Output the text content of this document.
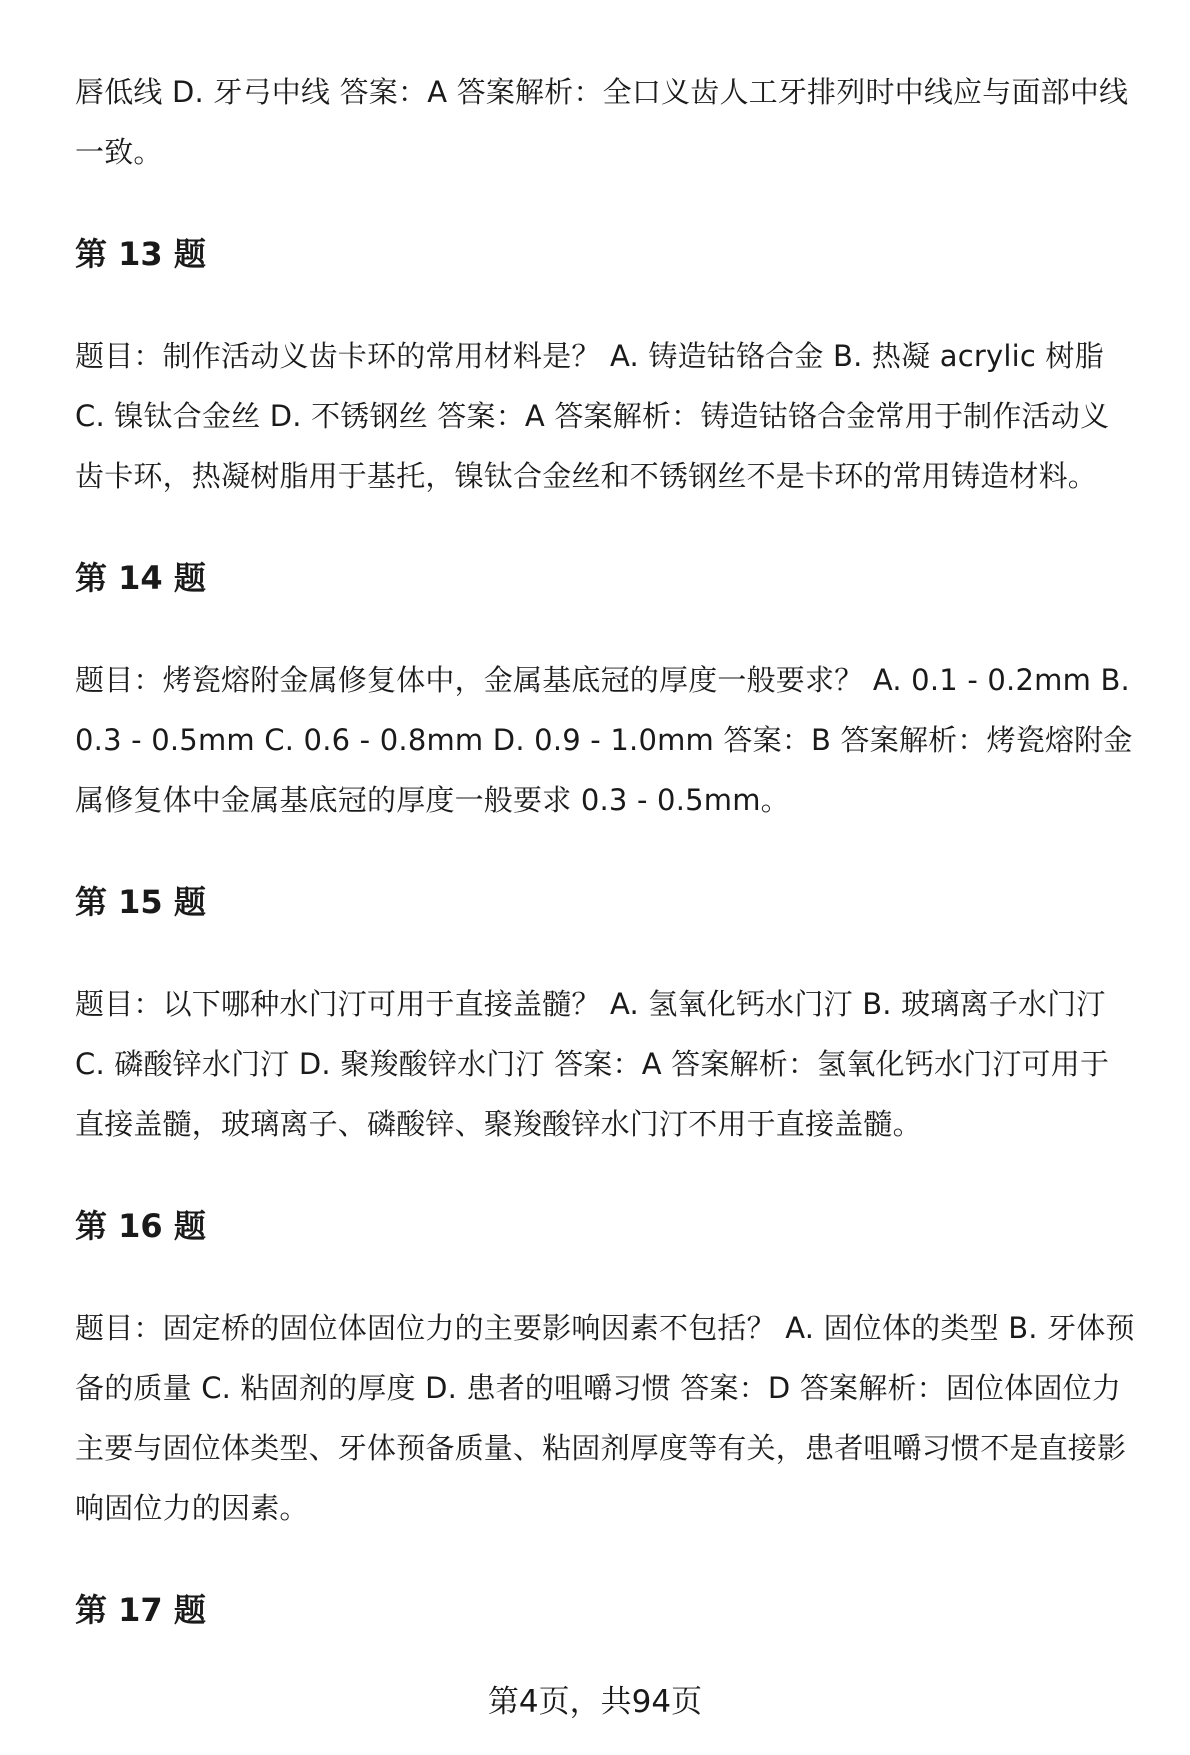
唇低线 D. 牙弓中线 答案：A 答案解析：全口义齿人工牙排列时中线应与面部中线一致。

第 13 题

题目：制作活动义齿卡环的常用材料是？ A. 铸造钴铬合金 B. 热凝 acrylic 树脂 C. 镍钛合金丝 D. 不锈钢丝 答案：A 答案解析：铸造钴铬合金常用于制作活动义齿卡环，热凝树脂用于基托，镍钛合金丝和不锈钢丝不是卡环的常用铸造材料。

第 14 题

题目：烤瓷熔附金属修复体中，金属基底冠的厚度一般要求？ A. 0.1 - 0.2mm B. 0.3 - 0.5mm C. 0.6 - 0.8mm D. 0.9 - 1.0mm 答案：B 答案解析：烤瓷熔附金属修复体中金属基底冠的厚度一般要求 0.3 - 0.5mm。

第 15 题

题目：以下哪种水门汀可用于直接盖髓？ A. 氢氧化钙水门汀 B. 玻璃离子水门汀 C. 磷酸锌水门汀 D. 聚羧酸锌水门汀 答案：A 答案解析：氢氧化钙水门汀可用于直接盖髓，玻璃离子、磷酸锌、聚羧酸锌水门汀不用于直接盖髓。

第 16 题

题目：固定桥的固位体固位力的主要影响因素不包括？ A. 固位体的类型 B. 牙体预备的质量 C. 粘固剂的厚度 D. 患者的咀嚼习惯 答案：D 答案解析：固位体固位力主要与固位体类型、牙体预备质量、粘固剂厚度等有关，患者咀嚼习惯不是直接影响固位力的因素。

第 17 题
第4页，共94页
